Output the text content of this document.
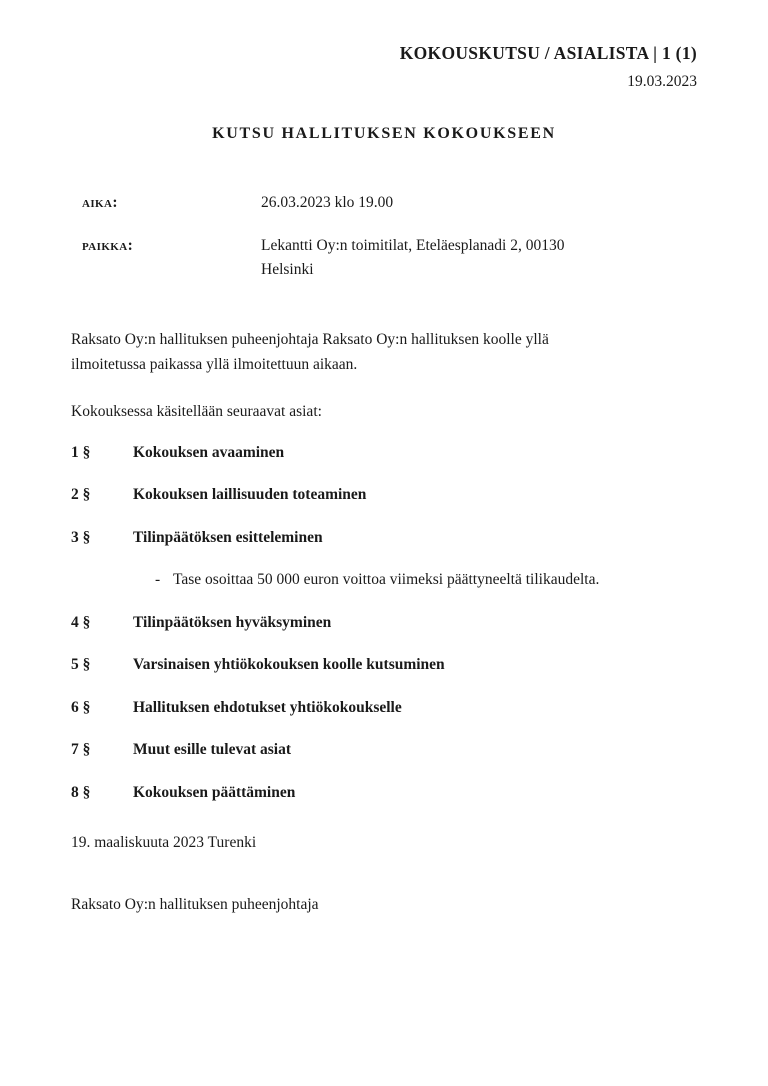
KOKOUSKUTSU / ASIALISTA | 1 (1)
19.03.2023
KUTSU HALLITUKSEN KOKOUKSEEN
aika:	26.03.2023 klo 19.00
paikka:	Lekantti Oy:n toimitilat, Eteläesplanadi 2, 00130 Helsinki

Raksato Oy:n hallituksen puheenjohtaja Raksato Oy:n hallituksen koolle yllä ilmoitetussa paikassa yllä ilmoitettuun aikaan.

Kokouksessa käsitellään seuraavat asiat:

1 §	Kokouksen avaaminen
2 §	Kokouksen laillisuuden toteaminen
3 §	Tilinpäätöksen esitteleminen
- Tase osoittaa 50 000 euron voittoa viimeksi päättyneeltä tilikaudelta.
4 §	Tilinpäätöksen hyväksyminen
5 §	Varsinaisen yhtiökokouksen koolle kutsuminen
6 §	Hallituksen ehdotukset yhtiökokoukselle
7 §	Muut esille tulevat asiat
8 §	Kokouksen päättäminen

19. maaliskuuta 2023 Turenki

Raksato Oy:n hallituksen puheenjohtaja
